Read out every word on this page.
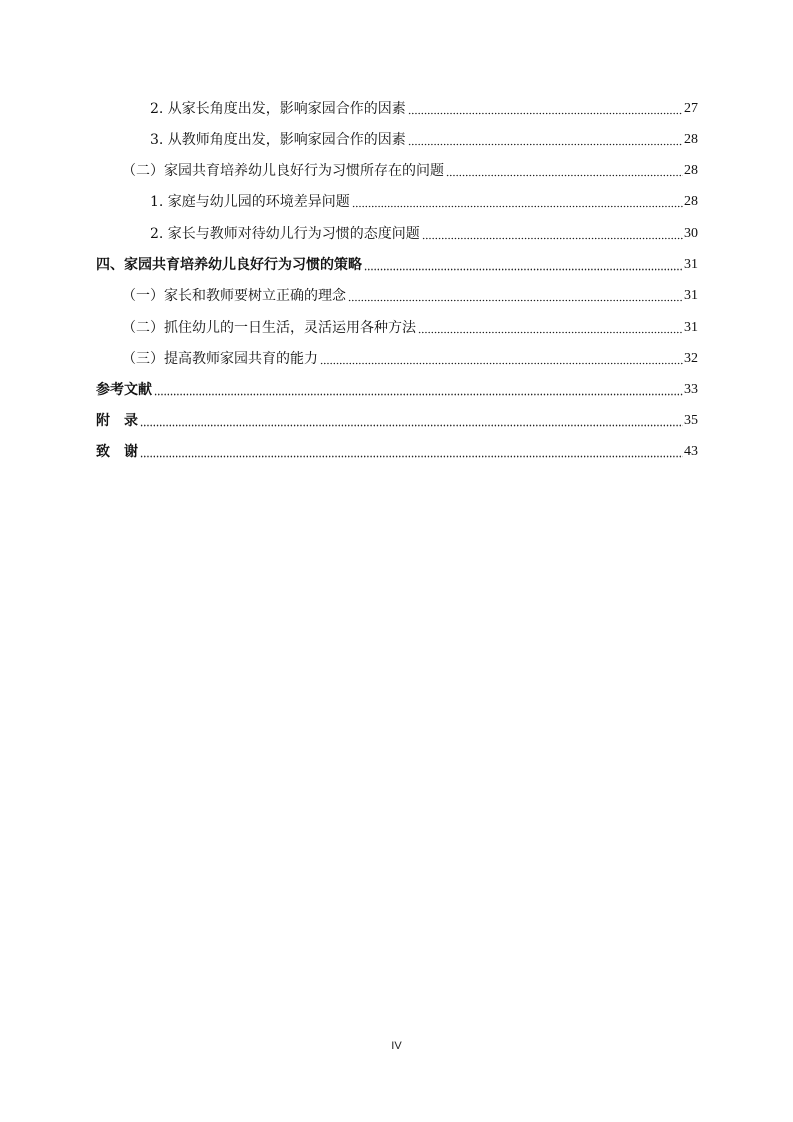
2. 从家长角度出发，影响家园合作的因素	27
3. 从教师角度出发，影响家园合作的因素	28
（二）家园共育培养幼儿良好行为习惯所存在的问题	28
1. 家庭与幼儿园的环境差异问题	28
2. 家长与教师对待幼儿行为习惯的态度问题	30
四、家园共育培养幼儿良好行为习惯的策略	31
（一）家长和教师要树立正确的理念	31
（二）抓住幼儿的一日生活，灵活运用各种方法	31
（三）提高教师家园共育的能力	32
参考文献	33
附　录	35
致　谢	43
IV
